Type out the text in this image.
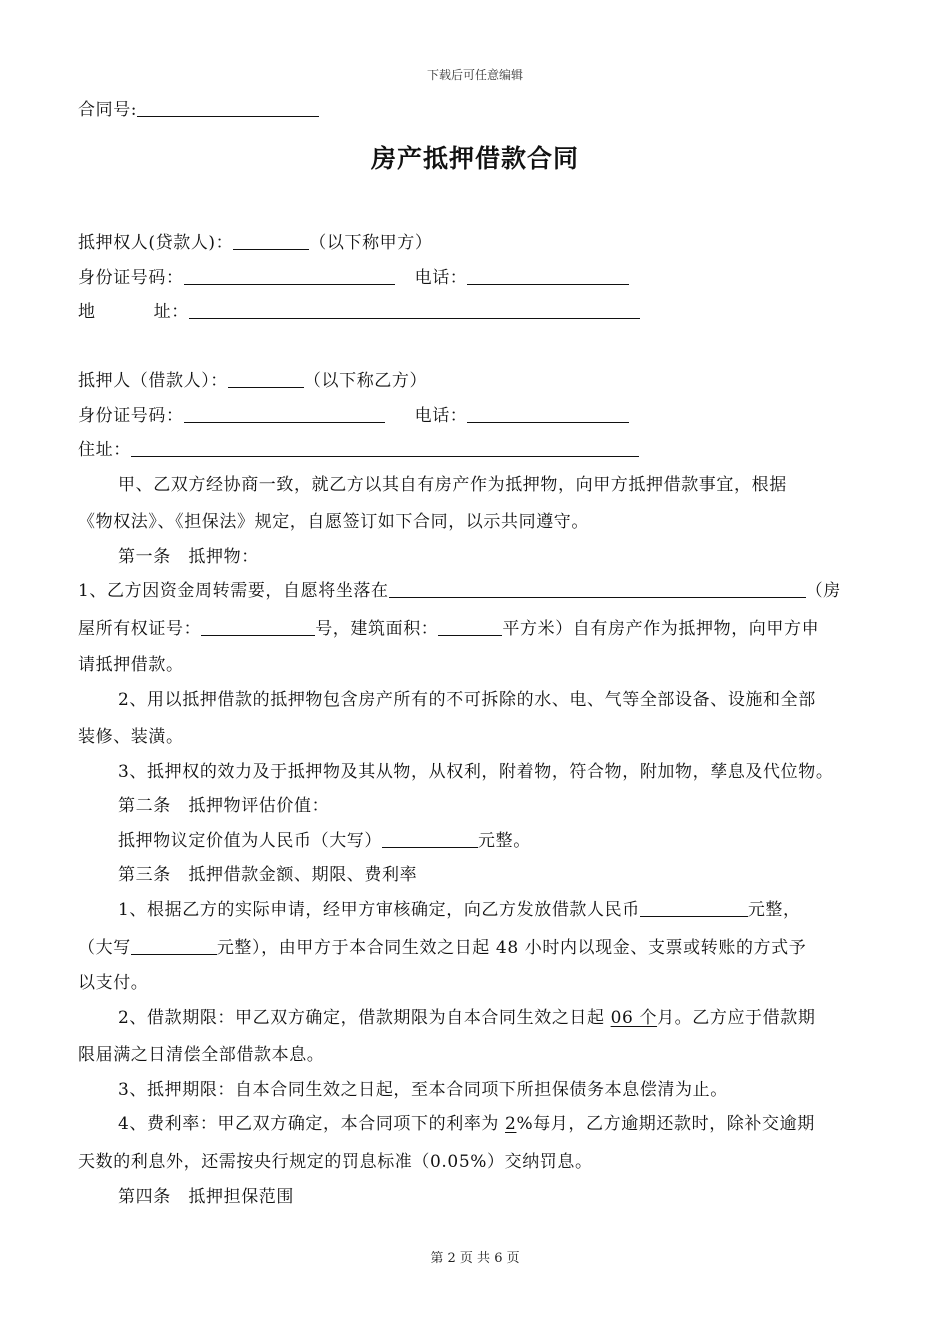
下载后可任意编辑
合同号:
房产抵押借款合同
抵押权人(贷款人)：	（以下称甲方）
身份证号码：	电话：
地	址：
抵押人（借款人）：	（以下称乙方）
身份证号码：	电话：
住址：
甲、乙双方经协商一致，就乙方以其自有房产作为抵押物，向甲方抵押借款事宜，根据
《物权法》、《担保法》规定，自愿签订如下合同，以示共同遵守。
第一条　抵押物：
1、乙方因资金周转需要，自愿将坐落在	（房
屋所有权证号：	号，建筑面积：	平方米）自有房产作为抵押物，向甲方申
请抵押借款。
2、用以抵押借款的抵押物包含房产所有的不可拆除的水、电、气等全部设备、设施和全部
装修、装潢。
3、抵押权的效力及于抵押物及其从物，从权利，附着物，符合物，附加物，孳息及代位物。
第二条　抵押物评估价值：
抵押物议定价值为人民币（大写）	元整。
第三条　抵押借款金额、期限、费利率
1、根据乙方的实际申请，经甲方审核确定，向乙方发放借款人民币	元整，
（大写	元整），由甲方于本合同生效之日起 48 小时内以现金、支票或转账的方式予
以支付。
2、借款期限：甲乙双方确定，借款期限为自本合同生效之日起 06 个月。乙方应于借款期
限届满之日清偿全部借款本息。
3、抵押期限：自本合同生效之日起，至本合同项下所担保债务本息偿清为止。
4、费利率：甲乙双方确定，本合同项下的利率为 2%每月，乙方逾期还款时，除补交逾期
天数的利息外，还需按央行规定的罚息标准（0.05%）交纳罚息。
第四条　抵押担保范围
第 2 页 共 6 页
